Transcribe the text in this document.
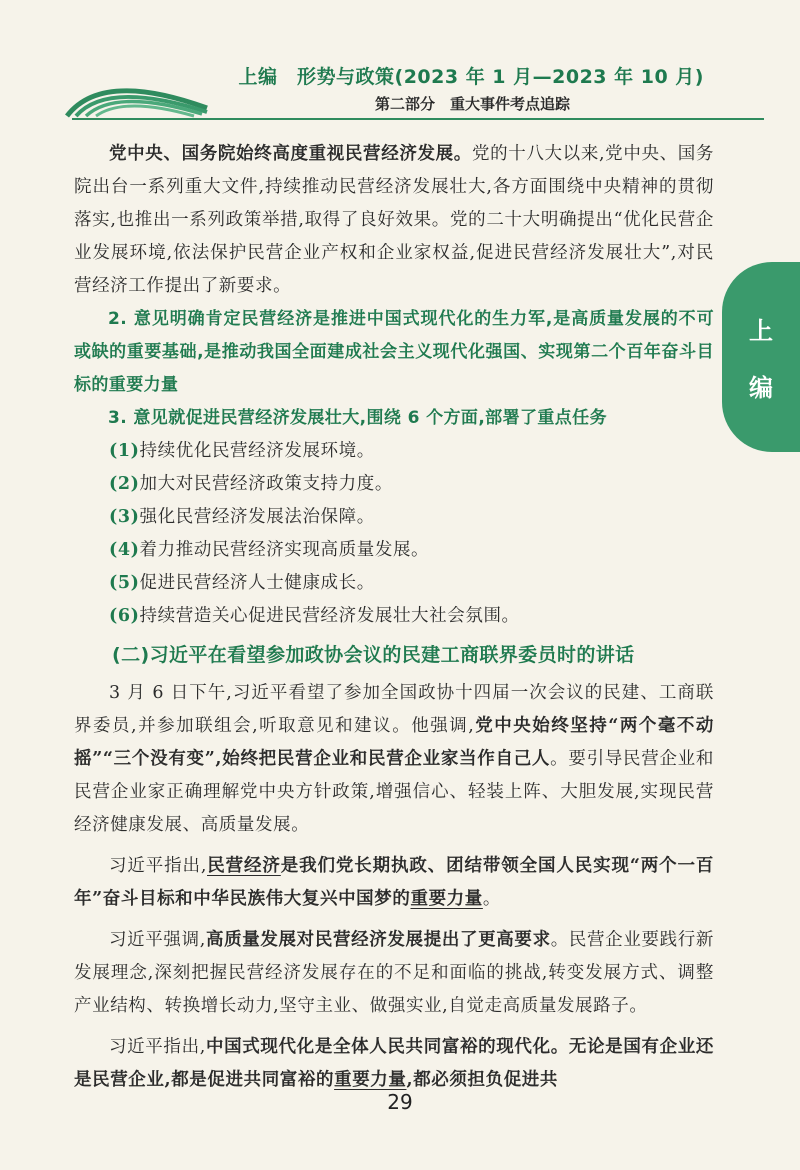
上编　形势与政策(2023 年 1 月—2023 年 10 月)
第二部分　重大事件考点追踪
上
编

党中央、国务院始终高度重视民营经济发展。党的十八大以来,党中央、国务院出台一系列重大文件,持续推动民营经济发展壮大,各方面围绕中央精神的贯彻落实,也推出一系列政策举措,取得了良好效果。党的二十大明确提出“优化民营企业发展环境,依法保护民营企业产权和企业家权益,促进民营经济发展壮大”,对民营经济工作提出了新要求。

2. 意见明确肯定民营经济是推进中国式现代化的生力军,是高质量发展的不可或缺的重要基础,是推动我国全面建成社会主义现代化强国、实现第二个百年奋斗目标的重要力量

3. 意见就促进民营经济发展壮大,围绕 6 个方面,部署了重点任务

(1)持续优化民营经济发展环境。

(2)加大对民营经济政策支持力度。

(3)强化民营经济发展法治保障。

(4)着力推动民营经济实现高质量发展。

(5)促进民营经济人士健康成长。

(6)持续营造关心促进民营经济发展壮大社会氛围。

(二)习近平在看望参加政协会议的民建工商联界委员时的讲话

3 月 6 日下午,习近平看望了参加全国政协十四届一次会议的民建、工商联界委员,并参加联组会,听取意见和建议。他强调,党中央始终坚持“两个毫不动摇”“三个没有变”,始终把民营企业和民营企业家当作自己人。要引导民营企业和民营企业家正确理解党中央方针政策,增强信心、轻装上阵、大胆发展,实现民营经济健康发展、高质量发展。

习近平指出,民营经济是我们党长期执政、团结带领全国人民实现“两个一百年”奋斗目标和中华民族伟大复兴中国梦的重要力量。

习近平强调,高质量发展对民营经济发展提出了更高要求。民营企业要践行新发展理念,深刻把握民营经济发展存在的不足和面临的挑战,转变发展方式、调整产业结构、转换增长动力,坚守主业、做强实业,自觉走高质量发展路子。

习近平指出,中国式现代化是全体人民共同富裕的现代化。无论是国有企业还是民营企业,都是促进共同富裕的重要力量,都必须担负促进共

29
